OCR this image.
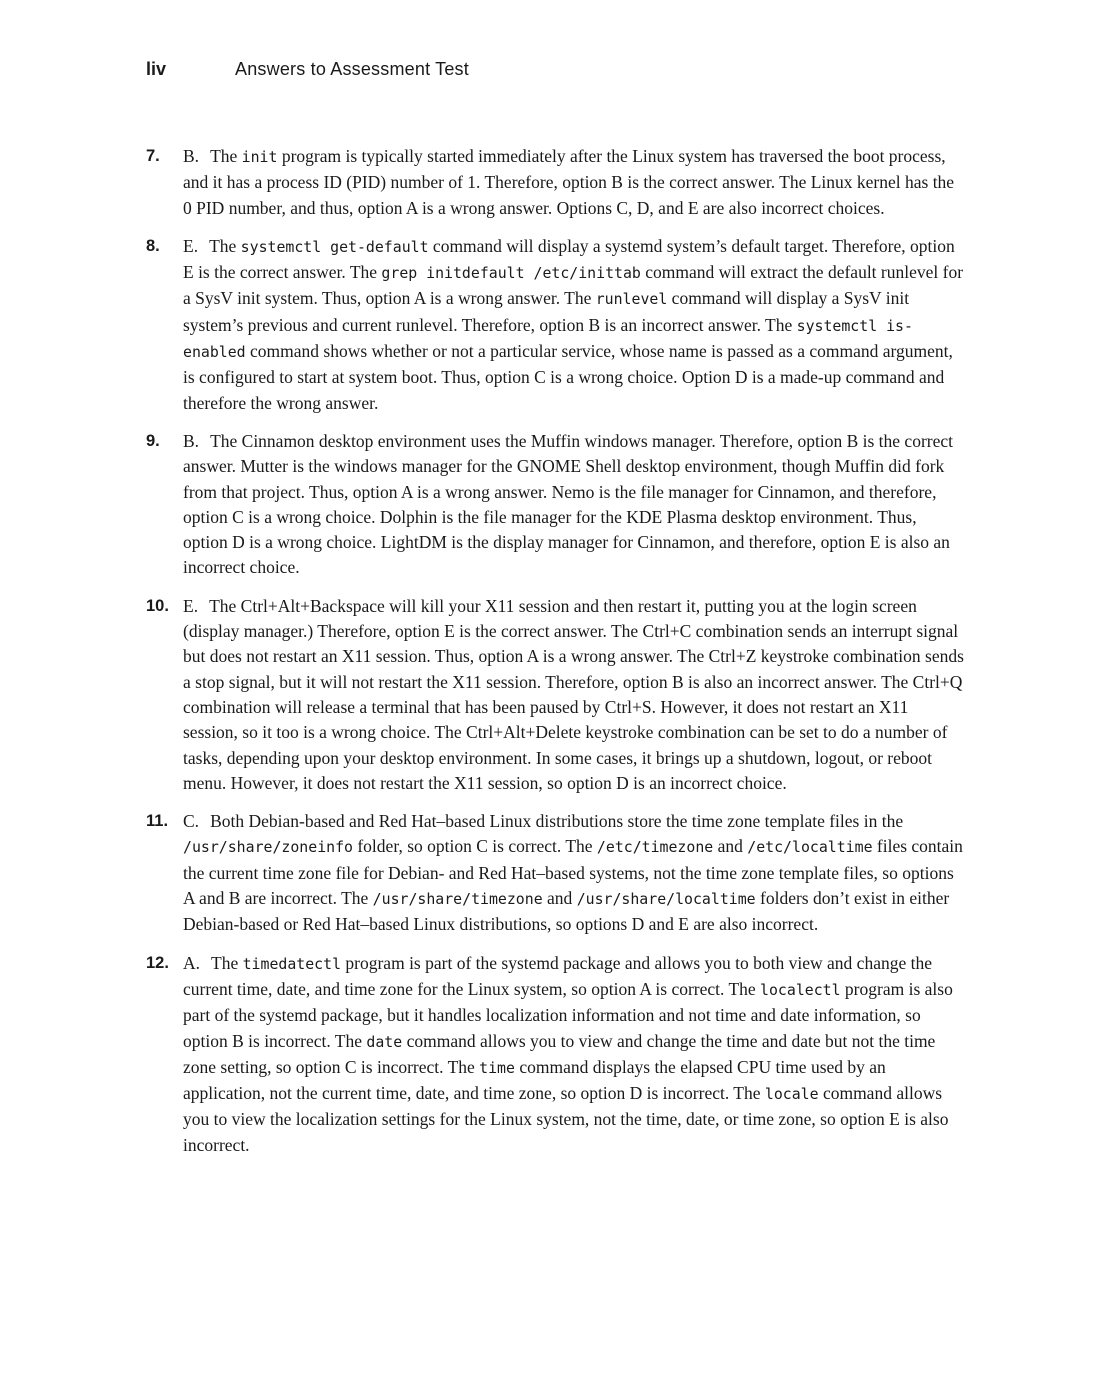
liv	Answers to Assessment Test
7.	B. The init program is typically started immediately after the Linux system has traversed the boot process, and it has a process ID (PID) number of 1. Therefore, option B is the correct answer. The Linux kernel has the 0 PID number, and thus, option A is a wrong answer. Options C, D, and E are also incorrect choices.
8.	E. The systemctl get-default command will display a systemd system’s default target. Therefore, option E is the correct answer. The grep initdefault /etc/inittab command will extract the default runlevel for a SysV init system. Thus, option A is a wrong answer. The runlevel command will display a SysV init system’s previous and current runlevel. Therefore, option B is an incorrect answer. The systemctl is-enabled command shows whether or not a particular service, whose name is passed as a command argument, is configured to start at system boot. Thus, option C is a wrong choice. Option D is a made-up command and therefore the wrong answer.
9.	B. The Cinnamon desktop environment uses the Muffin windows manager. Therefore, option B is the correct answer. Mutter is the windows manager for the GNOME Shell desktop environment, though Muffin did fork from that project. Thus, option A is a wrong answer. Nemo is the file manager for Cinnamon, and therefore, option C is a wrong choice. Dolphin is the file manager for the KDE Plasma desktop environment. Thus, option D is a wrong choice. LightDM is the display manager for Cinnamon, and therefore, option E is also an incorrect choice.
10. E. The Ctrl+Alt+Backspace will kill your X11 session and then restart it, putting you at the login screen (display manager.) Therefore, option E is the correct answer. The Ctrl+C combination sends an interrupt signal but does not restart an X11 session. Thus, option A is a wrong answer. The Ctrl+Z keystroke combination sends a stop signal, but it will not restart the X11 session. Therefore, option B is also an incorrect answer. The Ctrl+Q combination will release a terminal that has been paused by Ctrl+S. However, it does not restart an X11 session, so it too is a wrong choice. The Ctrl+Alt+Delete keystroke combination can be set to do a number of tasks, depending upon your desktop environment. In some cases, it brings up a shutdown, logout, or reboot menu. However, it does not restart the X11 session, so option D is an incorrect choice.
11. C. Both Debian-based and Red Hat–based Linux distributions store the time zone template files in the /usr/share/zoneinfo folder, so option C is correct. The /etc/timezone and /etc/localtime files contain the current time zone file for Debian- and Red Hat–based systems, not the time zone template files, so options A and B are incorrect. The /usr/share/timezone and /usr/share/localtime folders don’t exist in either Debian-based or Red Hat–based Linux distributions, so options D and E are also incorrect.
12. A. The timedatectl program is part of the systemd package and allows you to both view and change the current time, date, and time zone for the Linux system, so option A is correct. The localectl program is also part of the systemd package, but it handles localization information and not time and date information, so option B is incorrect. The date command allows you to view and change the time and date but not the time zone setting, so option C is incorrect. The time command displays the elapsed CPU time used by an application, not the current time, date, and time zone, so option D is incorrect. The locale command allows you to view the localization settings for the Linux system, not the time, date, or time zone, so option E is also incorrect.
